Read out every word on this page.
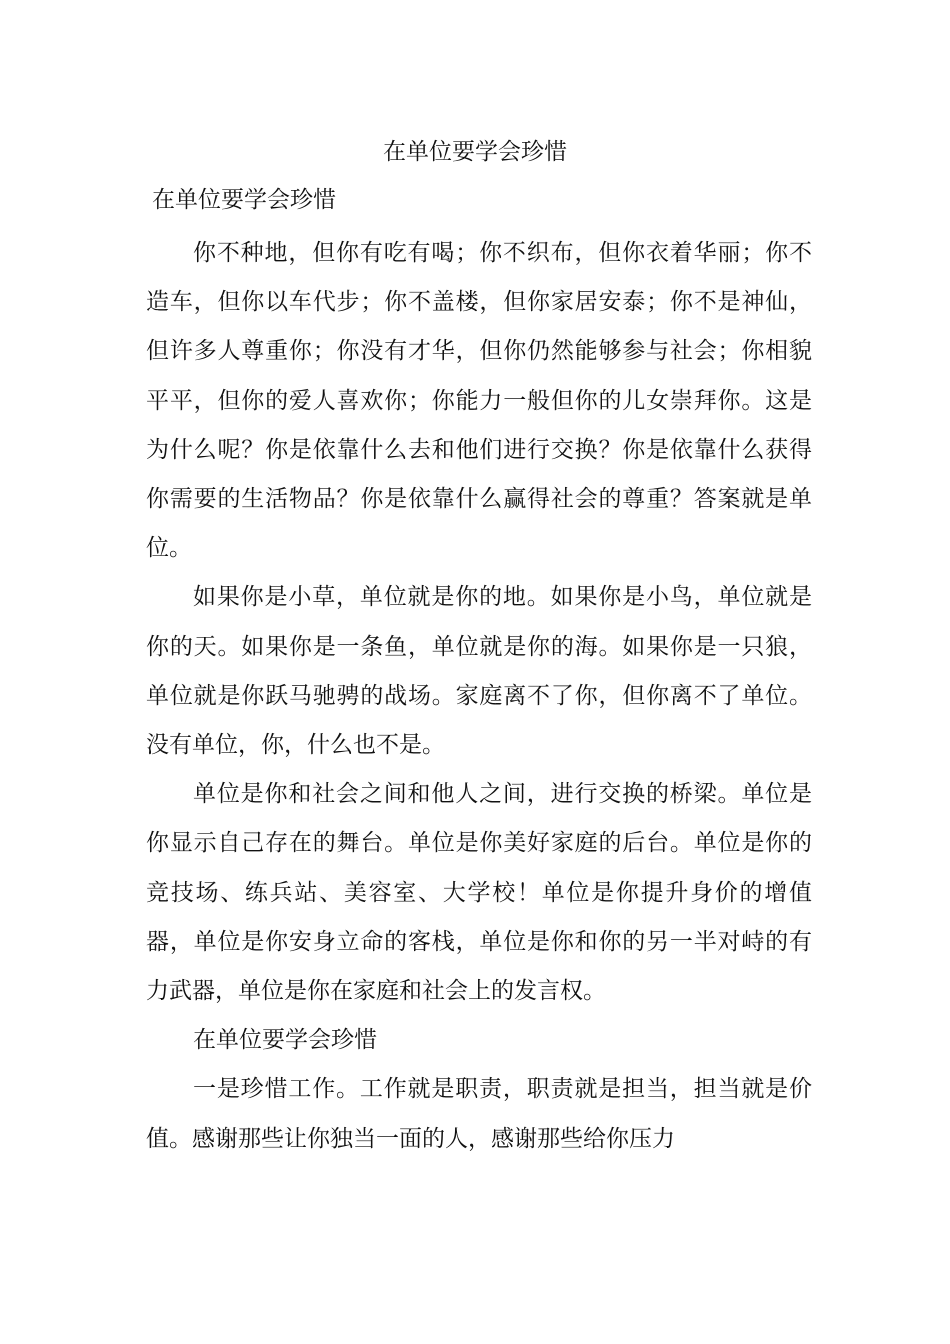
在单位要学会珍惜

在单位要学会珍惜

你不种地，但你有吃有喝；你不织布，但你衣着华丽；你不造车，但你以车代步；你不盖楼，但你家居安泰；你不是神仙，但许多人尊重你；你没有才华，但你仍然能够参与社会；你相貌平平，但你的爱人喜欢你；你能力一般但你的儿女崇拜你。这是为什么呢？你是依靠什么去和他们进行交换？你是依靠什么获得你需要的生活物品？你是依靠什么赢得社会的尊重？答案就是单位。

如果你是小草，单位就是你的地。如果你是小鸟，单位就是你的天。如果你是一条鱼，单位就是你的海。如果你是一只狼，单位就是你跃马驰骋的战场。家庭离不了你，但你离不了单位。没有单位，你，什么也不是。

单位是你和社会之间和他人之间，进行交换的桥梁。单位是你显示自己存在的舞台。单位是你美好家庭的后台。单位是你的竞技场、练兵站、美容室、大学校！单位是你提升身价的增值器，单位是你安身立命的客栈，单位是你和你的另一半对峙的有力武器，单位是你在家庭和社会上的发言权。

在单位要学会珍惜

一是珍惜工作。工作就是职责，职责就是担当，担当就是价值。感谢那些让你独当一面的人，感谢那些给你压力
